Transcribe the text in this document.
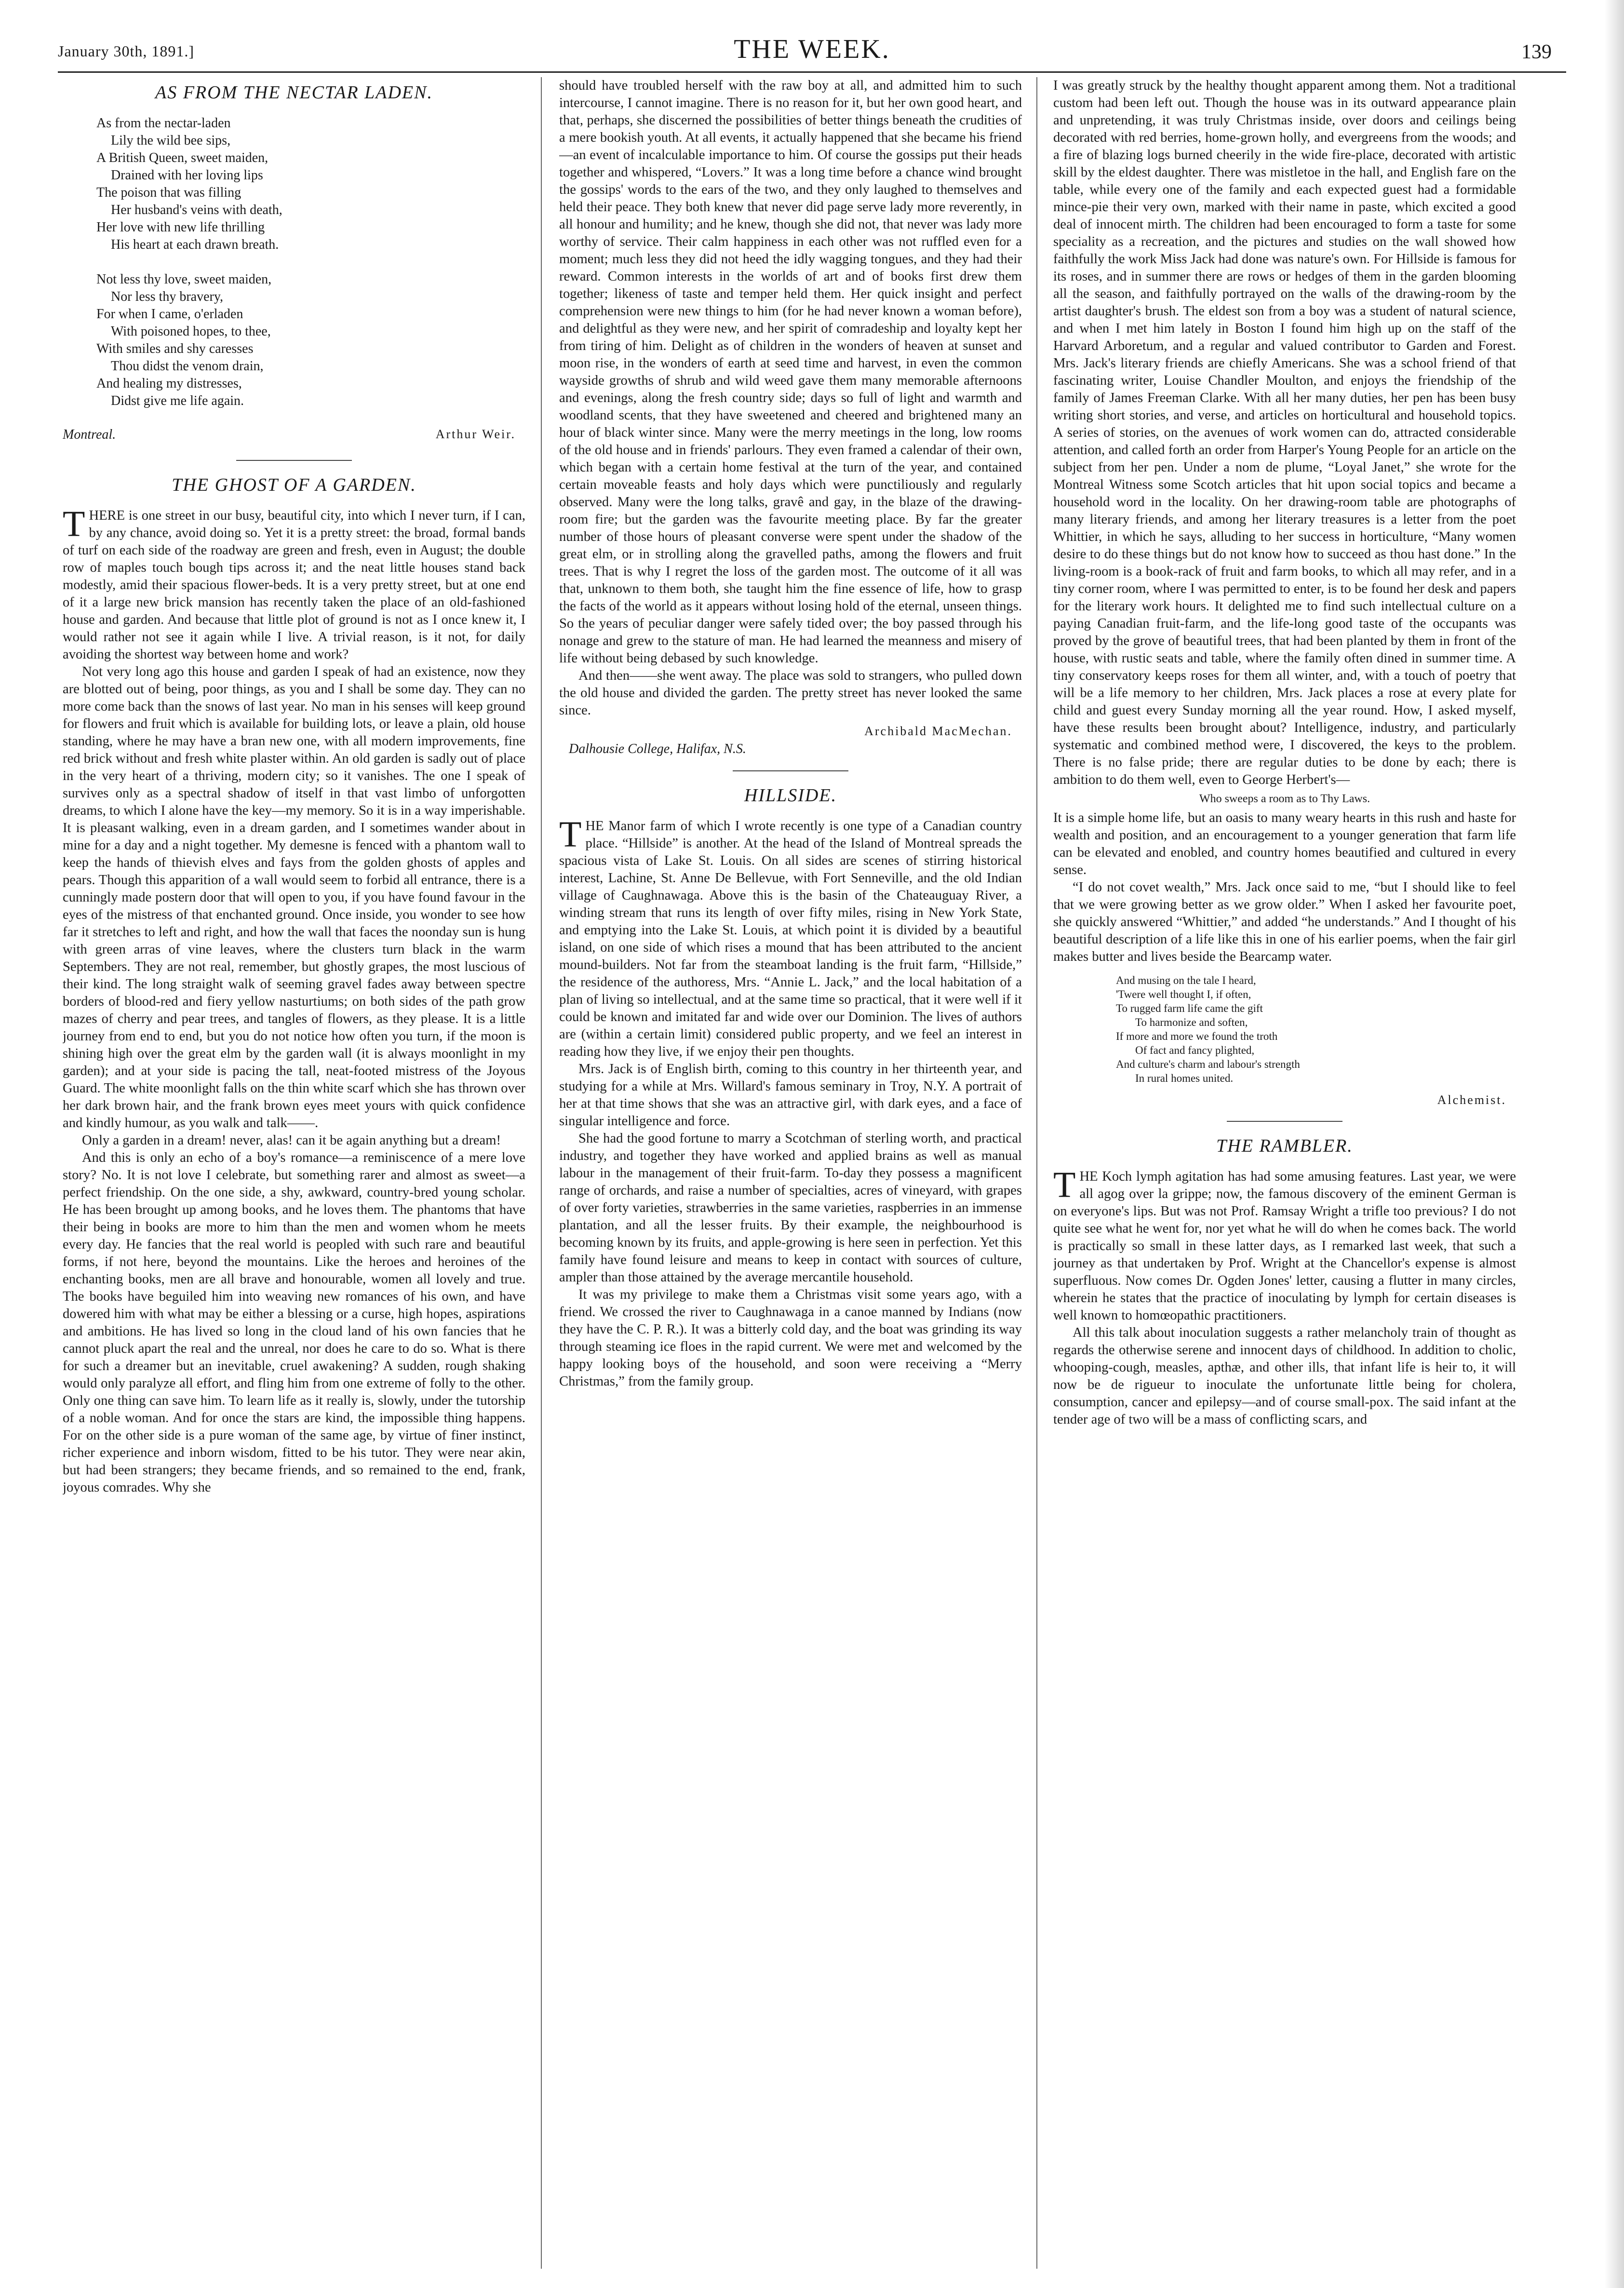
January 30th, 1891.]	THE WEEK.	139
AS FROM THE NECTAR LADEN.
As from the nectar-laden
Lily the wild bee sips,
A British Queen, sweet maiden,
Drained with her loving lips
The poison that was filling
Her husband's veins with death,
Her love with new life thrilling
His heart at each drawn breath.
Not less thy love, sweet maiden,
Nor less thy bravery,
For when I came, o'erladen
With poisoned hopes, to thee,
With smiles and shy caresses
Thou didst the venom drain,
And healing my distresses,
Didst give me life again.
Montreal.	Arthur Weir.
THE GHOST OF A GARDEN.

THERE is one street in our busy, beautiful city, into which I never turn, if I can, by any chance, avoid doing so. Yet it is a pretty street: the broad, formal bands of turf on each side of the roadway are green and fresh, even in August; the double row of maples touch bough tips across it; and the neat little houses stand back modestly, amid their spacious flower-beds. It is a very pretty street, but at one end of it a large new brick mansion has recently taken the place of an old-fashioned house and garden. And because that little plot of ground is not as I once knew it, I would rather not see it again while I live. A trivial reason, is it not, for daily avoiding the shortest way between home and work?

Not very long ago this house and garden I speak of had an existence, now they are blotted out of being, poor things, as you and I shall be some day. They can no more come back than the snows of last year. No man in his senses will keep ground for flowers and fruit which is available for building lots, or leave a plain, old house standing, where he may have a bran new one, with all modern improvements, fine red brick without and fresh white plaster within. An old garden is sadly out of place in the very heart of a thriving, modern city; so it vanishes. The one I speak of survives only as a spectral shadow of itself in that vast limbo of unforgotten dreams, to which I alone have the key—my memory. So it is in a way imperishable. It is pleasant walking, even in a dream garden, and I sometimes wander about in mine for a day and a night together. My demesne is fenced with a phantom wall to keep the hands of thievish elves and fays from the golden ghosts of apples and pears. Though this apparition of a wall would seem to forbid all entrance, there is a cunningly made postern door that will open to you, if you have found favour in the eyes of the mistress of that enchanted ground. Once inside, you wonder to see how far it stretches to left and right, and how the wall that faces the noonday sun is hung with green arras of vine leaves, where the clusters turn black in the warm Septembers. They are not real, remember, but ghostly grapes, the most luscious of their kind. The long straight walk of seeming gravel fades away between spectre borders of blood-red and fiery yellow nasturtiums; on both sides of the path grow mazes of cherry and pear trees, and tangles of flowers, as they please. It is a little journey from end to end, but you do not notice how often you turn, if the moon is shining high over the great elm by the garden wall (it is always moonlight in my garden); and at your side is pacing the tall, neat-footed mistress of the Joyous Guard. The white moonlight falls on the thin white scarf which she has thrown over her dark brown hair, and the frank brown eyes meet yours with quick confidence and kindly humour, as you walk and talk——.

Only a garden in a dream! never, alas! can it be again anything but a dream!

And this is only an echo of a boy's romance—a reminiscence of a mere love story? No. It is not love I celebrate, but something rarer and almost as sweet—a perfect friendship. On the one side, a shy, awkward, country-bred young scholar. He has been brought up among books, and he loves them. The phantoms that have their being in books are more to him than the men and women whom he meets every day. He fancies that the real world is peopled with such rare and beautiful forms, if not here, beyond the mountains. Like the heroes and heroines of the enchanting books, men are all brave and honourable, women all lovely and true. The books have beguiled him into weaving new romances of his own, and have dowered him with what may be either a blessing or a curse, high hopes, aspirations and ambitions. He has lived so long in the cloud land of his own fancies that he cannot pluck apart the real and the unreal, nor does he care to do so. What is there for such a dreamer but an inevitable, cruel awakening? A sudden, rough shaking would only paralyze all effort, and fling him from one extreme of folly to the other. Only one thing can save him. To learn life as it really is, slowly, under the tutorship of a noble woman. And for once the stars are kind, the impossible thing happens. For on the other side is a pure woman of the same age, by virtue of finer instinct, richer experience and inborn wisdom, fitted to be his tutor. They were near akin, but had been strangers; they became friends, and so remained to the end, frank, joyous comrades. Why she

should have troubled herself with the raw boy at all, and admitted him to such intercourse, I cannot imagine. There is no reason for it, but her own good heart, and that, perhaps, she discerned the possibilities of better things beneath the crudities of a mere bookish youth. At all events, it actually happened that she became his friend—an event of incalculable importance to him. Of course the gossips put their heads together and whispered, “Lovers.” It was a long time before a chance wind brought the gossips' words to the ears of the two, and they only laughed to themselves and held their peace. They both knew that never did page serve lady more reverently, in all honour and humility; and he knew, though she did not, that never was lady more worthy of service. Their calm happiness in each other was not ruffled even for a moment; much less they did not heed the idly wagging tongues, and they had their reward. Common interests in the worlds of art and of books first drew them together; likeness of taste and temper held them. Her quick insight and perfect comprehension were new things to him (for he had never known a woman before), and delightful as they were new, and her spirit of comradeship and loyalty kept her from tiring of him. Delight as of children in the wonders of heaven at sunset and moon rise, in the wonders of earth at seed time and harvest, in even the common wayside growths of shrub and wild weed gave them many memorable afternoons and evenings, along the fresh country side; days so full of light and warmth and woodland scents, that they have sweetened and cheered and brightened many an hour of black winter since. Many were the merry meetings in the long, low rooms of the old house and in friends' parlours. They even framed a calendar of their own, which began with a certain home festival at the turn of the year, and contained certain moveable feasts and holy days which were punctiliously and regularly observed. Many were the long talks, gravê and gay, in the blaze of the drawing-room fire; but the garden was the favourite meeting place. By far the greater number of those hours of pleasant converse were spent under the shadow of the great elm, or in strolling along the gravelled paths, among the flowers and fruit trees. That is why I regret the loss of the garden most. The outcome of it all was that, unknown to them both, she taught him the fine essence of life, how to grasp the facts of the world as it appears without losing hold of the eternal, unseen things. So the years of peculiar danger were safely tided over; the boy passed through his nonage and grew to the stature of man. He had learned the meanness and misery of life without being debased by such knowledge.

And then——she went away. The place was sold to strangers, who pulled down the old house and divided the garden. The pretty street has never looked the same since.

Archibald MacMechan.
Dalhousie College, Halifax, N.S.
HILLSIDE.

THE Manor farm of which I wrote recently is one type of a Canadian country place. “Hillside” is another. At the head of the Island of Montreal spreads the spacious vista of Lake St. Louis. On all sides are scenes of stirring historical interest, Lachine, St. Anne De Bellevue, with Fort Senneville, and the old Indian village of Caughnawaga. Above this is the basin of the Chateauguay River, a winding stream that runs its length of over fifty miles, rising in New York State, and emptying into the Lake St. Louis, at which point it is divided by a beautiful island, on one side of which rises a mound that has been attributed to the ancient mound-builders. Not far from the steamboat landing is the fruit farm, “Hillside,” the residence of the authoress, Mrs. “Annie L. Jack,” and the local habitation of a plan of living so intellectual, and at the same time so practical, that it were well if it could be known and imitated far and wide over our Dominion. The lives of authors are (within a certain limit) considered public property, and we feel an interest in reading how they live, if we enjoy their pen thoughts.

Mrs. Jack is of English birth, coming to this country in her thirteenth year, and studying for a while at Mrs. Willard's famous seminary in Troy, N.Y. A portrait of her at that time shows that she was an attractive girl, with dark eyes, and a face of singular intelligence and force.

She had the good fortune to marry a Scotchman of sterling worth, and practical industry, and together they have worked and applied brains as well as manual labour in the management of their fruit-farm. To-day they possess a magnificent range of orchards, and raise a number of specialties, acres of vineyard, with grapes of over forty varieties, strawberries in the same varieties, raspberries in an immense plantation, and all the lesser fruits. By their example, the neighbourhood is becoming known by its fruits, and apple-growing is here seen in perfection. Yet this family have found leisure and means to keep in contact with sources of culture, ampler than those attained by the average mercantile household.

It was my privilege to make them a Christmas visit some years ago, with a friend. We crossed the river to Caughnawaga in a canoe manned by Indians (now they have the C. P. R.). It was a bitterly cold day, and the boat was grinding its way through steaming ice floes in the rapid current. We were met and welcomed by the happy looking boys of the household, and soon were receiving a “Merry Christmas,” from the family group.

I was greatly struck by the healthy thought apparent among them. Not a traditional custom had been left out. Though the house was in its outward appearance plain and unpretending, it was truly Christmas inside, over doors and ceilings being decorated with red berries, home-grown holly, and evergreens from the woods; and a fire of blazing logs burned cheerily in the wide fire-place, decorated with artistic skill by the eldest daughter. There was mistletoe in the hall, and English fare on the table, while every one of the family and each expected guest had a formidable mince-pie their very own, marked with their name in paste, which excited a good deal of innocent mirth. The children had been encouraged to form a taste for some speciality as a recreation, and the pictures and studies on the wall showed how faithfully the work Miss Jack had done was nature's own. For Hillside is famous for its roses, and in summer there are rows or hedges of them in the garden blooming all the season, and faithfully portrayed on the walls of the drawing-room by the artist daughter's brush. The eldest son from a boy was a student of natural science, and when I met him lately in Boston I found him high up on the staff of the Harvard Arboretum, and a regular and valued contributor to Garden and Forest. Mrs. Jack's literary friends are chiefly Americans. She was a school friend of that fascinating writer, Louise Chandler Moulton, and enjoys the friendship of the family of James Freeman Clarke. With all her many duties, her pen has been busy writing short stories, and verse, and articles on horticultural and household topics. A series of stories, on the avenues of work women can do, attracted considerable attention, and called forth an order from Harper's Young People for an article on the subject from her pen. Under a nom de plume, “Loyal Janet,” she wrote for the Montreal Witness some Scotch articles that hit upon social topics and became a household word in the locality. On her drawing-room table are photographs of many literary friends, and among her literary treasures is a letter from the poet Whittier, in which he says, alluding to her success in horticulture, “Many women desire to do these things but do not know how to succeed as thou hast done.” In the living-room is a book-rack of fruit and farm books, to which all may refer, and in a tiny corner room, where I was permitted to enter, is to be found her desk and papers for the literary work hours. It delighted me to find such intellectual culture on a paying Canadian fruit-farm, and the life-long good taste of the occupants was proved by the grove of beautiful trees, that had been planted by them in front of the house, with rustic seats and table, where the family often dined in summer time. A tiny conservatory keeps roses for them all winter, and, with a touch of poetry that will be a life memory to her children, Mrs. Jack places a rose at every plate for child and guest every Sunday morning all the year round. How, I asked myself, have these results been brought about? Intelligence, industry, and particularly systematic and combined method were, I discovered, the keys to the problem. There is no false pride; there are regular duties to be done by each; there is ambition to do them well, even to George Herbert's—

Who sweeps a room as to Thy Laws.

It is a simple home life, but an oasis to many weary hearts in this rush and haste for wealth and position, and an encouragement to a younger generation that farm life can be elevated and enobled, and country homes beautified and cultured in every sense.

“I do not covet wealth,” Mrs. Jack once said to me, “but I should like to feel that we were growing better as we grow older.” When I asked her favourite poet, she quickly answered “Whittier,” and added “he understands.” And I thought of his beautiful description of a life like this in one of his earlier poems, when the fair girl makes butter and lives beside the Bearcamp water.

And musing on the tale I heard,
'Twere well thought I, if often,
To rugged farm life came the gift
To harmonize and soften,
If more and more we found the troth
Of fact and fancy plighted,
And culture's charm and labour's strength
In rural homes united.
Alchemist.
THE RAMBLER.

THE Koch lymph agitation has had some amusing features. Last year, we were all agog over la grippe; now, the famous discovery of the eminent German is on everyone's lips. But was not Prof. Ramsay Wright a trifle too previous? I do not quite see what he went for, nor yet what he will do when he comes back. The world is practically so small in these latter days, as I remarked last week, that such a journey as that undertaken by Prof. Wright at the Chancellor's expense is almost superfluous. Now comes Dr. Ogden Jones' letter, causing a flutter in many circles, wherein he states that the practice of inoculating by lymph for certain diseases is well known to homœopathic practitioners.

All this talk about inoculation suggests a rather melancholy train of thought as regards the otherwise serene and innocent days of childhood. In addition to cholic, whooping-cough, measles, apthæ, and other ills, that infant life is heir to, it will now be de rigueur to inoculate the unfortunate little being for cholera, consumption, cancer and epilepsy—and of course small-pox. The said infant at the tender age of two will be a mass of conflicting scars, and
